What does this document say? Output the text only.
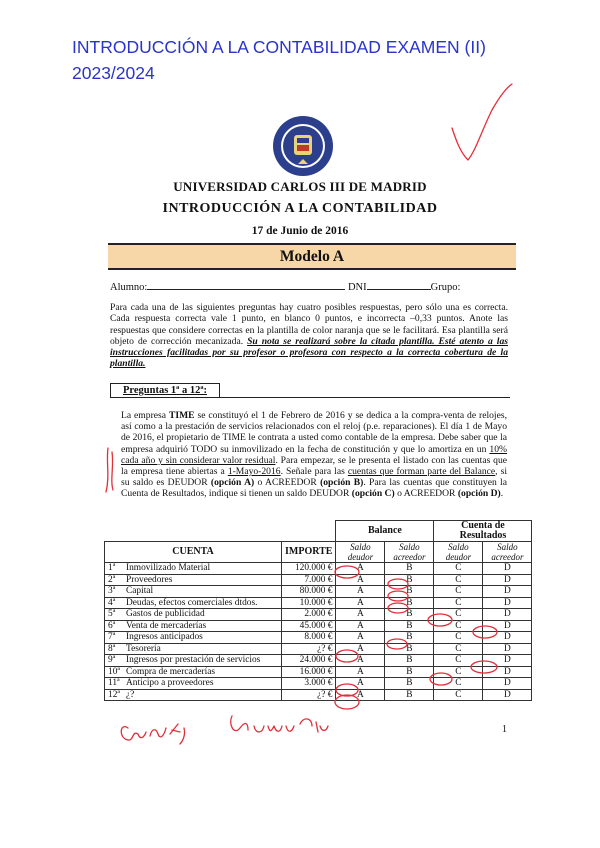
INTRODUCCIÓN A LA CONTABILIDAD EXAMEN (II)
2023/2024
UNIVERSIDAD CARLOS III DE MADRID
INTRODUCCIÓN A LA CONTABILIDAD
17 de Junio de 2016
Modelo A
Alumno:	DNI	Grupo:
Para cada una de las siguientes preguntas hay cuatro posibles respuestas, pero sólo una es correcta. Cada respuesta correcta vale 1 punto, en blanco 0 puntos, e incorrecta –0,33 puntos. Anote las respuestas que considere correctas en la plantilla de color naranja que se le facilitará. Esa plantilla será objeto de corrección mecanizada. Su nota se realizará sobre la citada plantilla. Esté atento a las instrucciones facilitadas por su profesor o profesora con respecto a la correcta cobertura de la plantilla.
Preguntas 1ª a 12ª:
La empresa TIME se constituyó el 1 de Febrero de 2016 y se dedica a la compra-venta de relojes, así como a la prestación de servicios relacionados con el reloj (p.e. reparaciones). El día 1 de Mayo de 2016, el propietario de TIME le contrata a usted como contable de la empresa. Debe saber que la empresa adquirió TODO su inmovilizado en la fecha de constitución y que lo amortiza en un 10% cada año y sin considerar valor residual. Para empezar, se le presenta el listado con las cuentas que la empresa tiene abiertas a 1-Mayo-2016. Señale para las cuentas que forman parte del Balance, si su saldo es DEUDOR (opción A) o ACREEDOR (opción B). Para las cuentas que constituyen la Cuenta de Resultados, indique si tienen un saldo DEUDOR (opción C) o ACREEDOR (opción D).
			Balance		Cuenta de Resultados	
CUENTA		IMPORTE	Saldo deudor	Saldo acreedor	Saldo deudor	Saldo acreedor
1ª	Inmovilizado Material	120.000 €	A	B	C	D
2ª	Proveedores	7.000 €	A	B	C	D
3ª	Capital	80.000 €	A	B	C	D
4ª	Deudas, efectos comerciales dtdos.	10.000 €	A	B	C	D
5ª	Gastos de publicidad	2.000 €	A	B	C	D
6ª	Venta de mercaderías	45.000 €	A	B	C	D
7ª	Ingresos anticipados	8.000 €	A	B	C	D
8ª	Tesorería	¿? €	A	B	C	D
9ª	Ingresos por prestación de servicios	24.000 €	A	B	C	D
10ª	Compra de mercaderías	16.000 €	A	B	C	D
11ª	Anticipo a proveedores	3.000 €	A	B	C	D
12ª	¿?	¿? €	A	B	C	D
1
